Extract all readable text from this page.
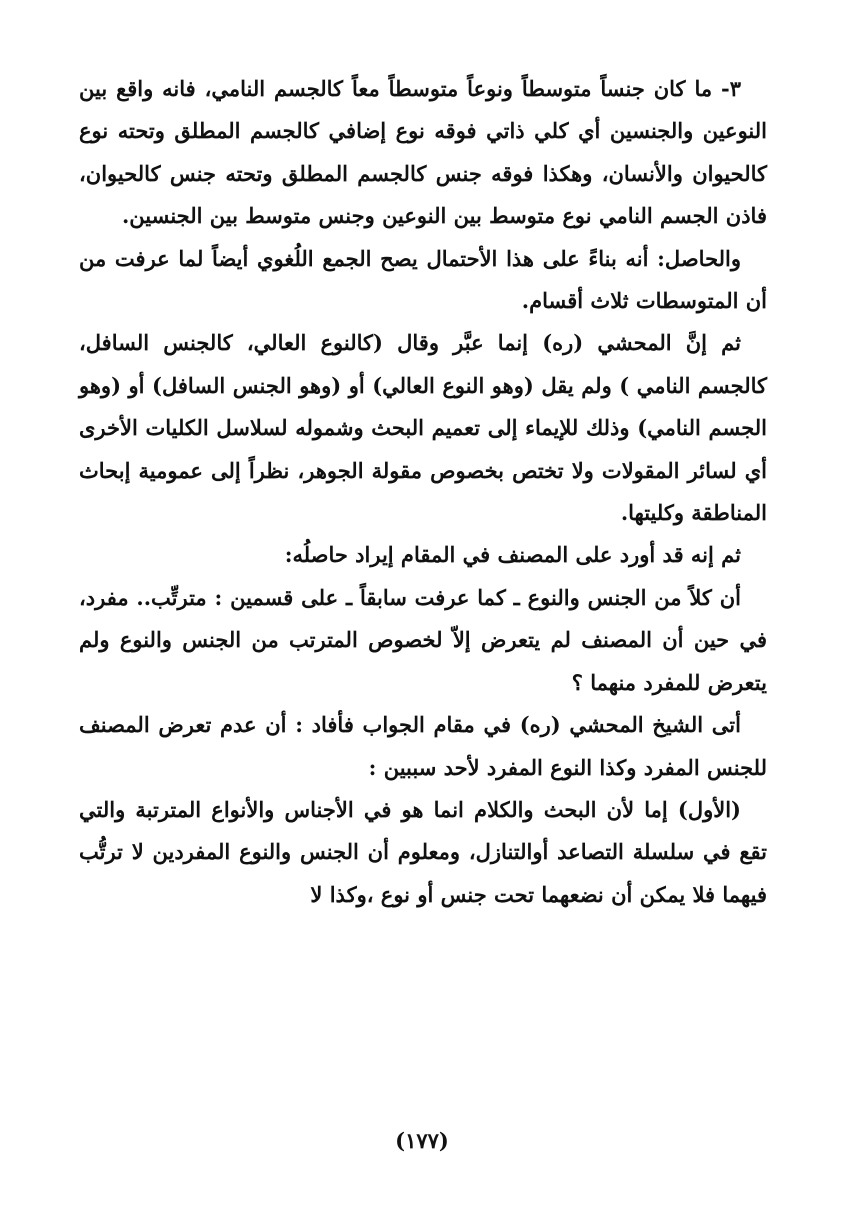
٣- ما كان جنساً متوسطاً ونوعاً متوسطاً معاً كالجسم النامي، فانه واقع بين النوعين والجنسين أي كلي ذاتي فوقه نوع إضافي كالجسم المطلق وتحته نوع كالحيوان والأنسان، وهكذا فوقه جنس كالجسم المطلق وتحته جنس كالحيوان، فاذن الجسم النامي نوع متوسط بين النوعين وجنس متوسط بين الجنسين.

والحاصل: أنه بناءً على هذا الأحتمال يصح الجمع اللُغوي أيضاً لما عرفت من أن المتوسطات ثلاث أقسام.

ثم إنَّ المحشي (ره) إنما عبَّر وقال (كالنوع العالي، كالجنس السافل، كالجسم النامي ) ولم يقل (وهو النوع العالي) أو (وهو الجنس السافل) أو (وهو الجسم النامي) وذلك للإيماء إلى تعميم البحث وشموله لسلاسل الكليات الأخرى أي لسائر المقولات ولا تختص بخصوص مقولة الجوهر، نظراً إلى عمومية إبحاث المناطقة وكليتها.

ثم إنه قد أورد على المصنف في المقام إيراد حاصلُه:

أن كلاً من الجنس والنوع ـ كما عرفت سابقاً ـ على قسمين : مترتِّب.. مفرد، في حين أن المصنف لم يتعرض إلاّ لخصوص المترتب من الجنس والنوع ولم يتعرض للمفرد منهما ؟

أتى الشيخ المحشي (ره) في مقام الجواب فأفاد : أن عدم تعرض المصنف للجنس المفرد وكذا النوع المفرد لأحد سببين :

(الأول) إما لأن البحث والكلام انما هو في الأجناس والأنواع المترتبة والتي تقع في سلسلة التصاعد أوالتنازل، ومعلوم أن الجنس والنوع المفردين لا ترتُّب فيهما فلا يمكن أن نضعهما تحت جنس أو نوع ،وكذا لا

(١٧٧)
